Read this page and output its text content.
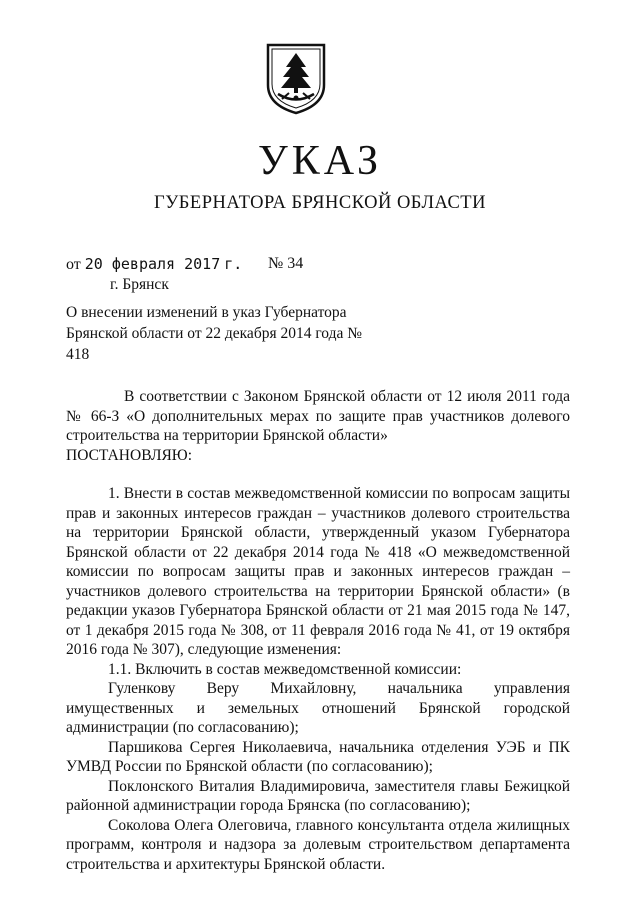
УКАЗ
ГУБЕРНАТОРА БРЯНСКОЙ ОБЛАСТИ
от 20 февраля 2017 г. № 34
г. Брянск
О внесении изменений в указ Губернатора Брянской области от 22 декабря 2014 года № 418

В соответствии с Законом Брянской области от 12 июля 2011 года № 66-З «О дополнительных мерах по защите прав участников долевого строительства на территории Брянской области»

ПОСТАНОВЛЯЮ:

1. Внести в состав межведомственной комиссии по вопросам защиты прав и законных интересов граждан – участников долевого строительства на территории Брянской области, утвержденный указом Губернатора Брянской области от 22 декабря 2014 года № 418 «О межведомственной комиссии по вопросам защиты прав и законных интересов граждан – участников долевого строительства на территории Брянской области» (в редакции указов Губернатора Брянской области от 21 мая 2015 года № 147, от 1 декабря 2015 года № 308, от 11 февраля 2016 года № 41, от 19 октября 2016 года № 307), следующие изменения:

1.1. Включить в состав межведомственной комиссии:

Гуленкову Веру Михайловну, начальника управления имущественных и земельных отношений Брянской городской администрации (по согласованию);

Паршикова Сергея Николаевича, начальника отделения УЭБ и ПК УМВД России по Брянской области (по согласованию);

Поклонского Виталия Владимировича, заместителя главы Бежицкой районной администрации города Брянска (по согласованию);

Соколова Олега Олеговича, главного консультанта отдела жилищных программ, контроля и надзора за долевым строительством департамента строительства и архитектуры Брянской области.
